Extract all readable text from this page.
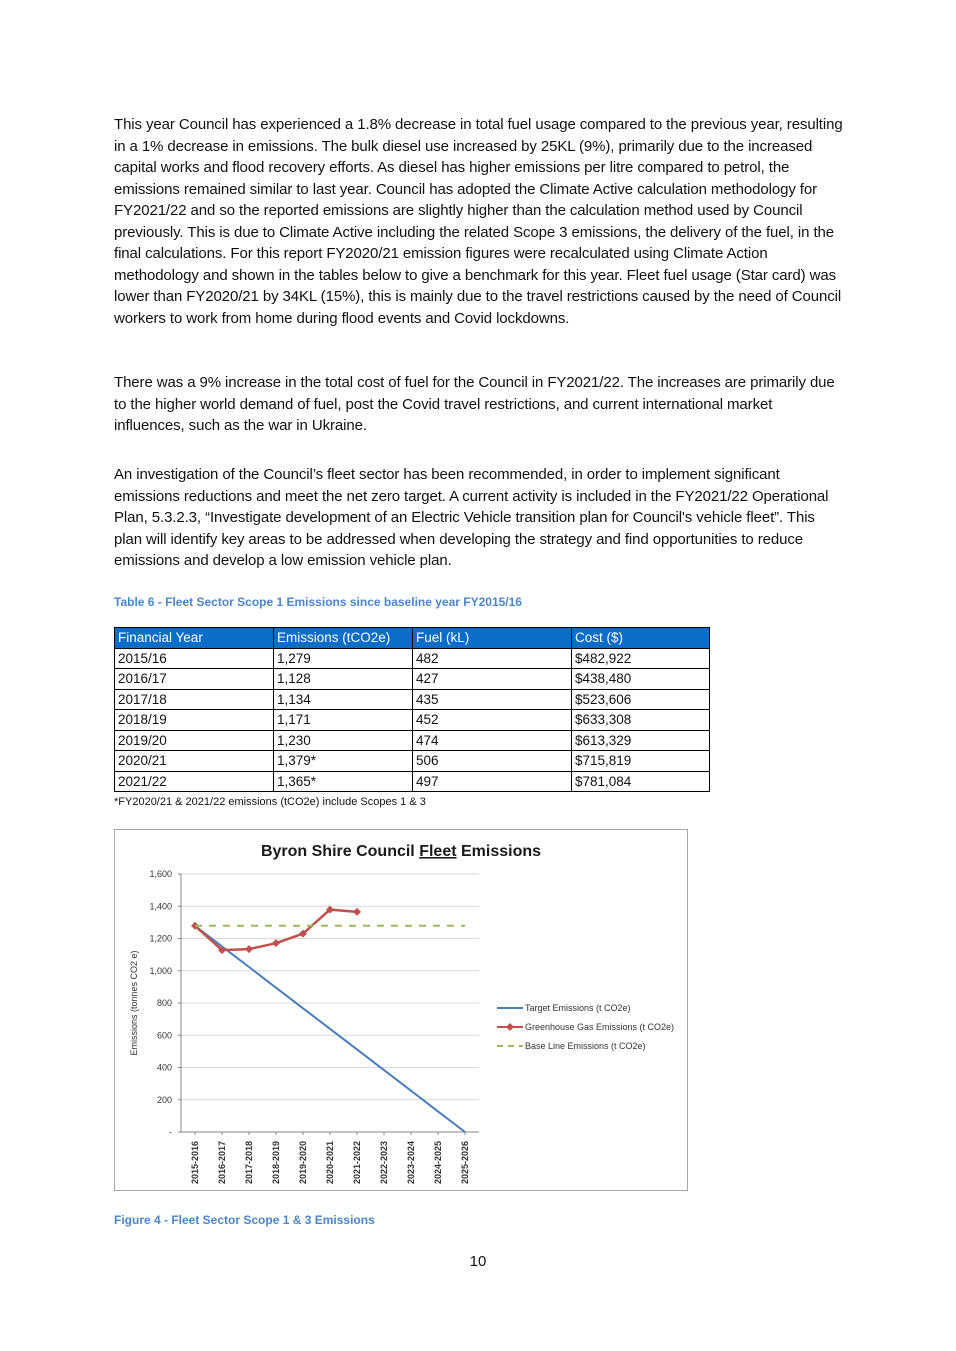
This year Council has experienced a 1.8% decrease in total fuel usage compared to the previous year, resulting in a 1% decrease in emissions. The bulk diesel use increased by 25KL (9%), primarily due to the increased capital works and flood recovery efforts. As diesel has higher emissions per litre compared to petrol, the emissions remained similar to last year. Council has adopted the Climate Active calculation methodology for FY2021/22 and so the reported emissions are slightly higher than the calculation method used by Council previously. This is due to Climate Active including the related Scope 3 emissions, the delivery of the fuel, in the final calculations. For this report FY2020/21 emission figures were recalculated using Climate Action methodology and shown in the tables below to give a benchmark for this year. Fleet fuel usage (Star card) was lower than FY2020/21 by 34KL (15%), this is mainly due to the travel restrictions caused by the need of Council workers to work from home during flood events and Covid lockdowns.

There was a 9% increase in the total cost of fuel for the Council in FY2021/22. The increases are primarily due to the higher world demand of fuel, post the Covid travel restrictions, and current international market influences, such as the war in Ukraine.

An investigation of the Council’s fleet sector has been recommended, in order to implement significant emissions reductions and meet the net zero target. A current activity is included in the FY2021/22 Operational Plan, 5.3.2.3, “Investigate development of an Electric Vehicle transition plan for Council's vehicle fleet”. This plan will identify key areas to be addressed when developing the strategy and find opportunities to reduce emissions and develop a low emission vehicle plan.

Table 6 - Fleet Sector Scope 1 Emissions since baseline year FY2015/16

Financial Year	Emissions (tCO2e)	Fuel (kL)	Cost ($)
2015/16	1,279	482	$482,922
2016/17	1,128	427	$438,480
2017/18	1,134	435	$523,606
2018/19	1,171	452	$633,308
2019/20	1,230	474	$613,329
2020/21	1,379*	506	$715,819
2021/22	1,365*	497	$781,084

*FY2020/21 & 2021/22 emissions (tCO2e) include Scopes 1 & 3

Byron Shire Council Fleet Emissions
-
200
400
600
800
1,000
1,200
1,400
1,600
2015-2016 2016-2017 2017-2018 2018-2019 2019-2020 2020-2021 2021-2022 2022-2023 2023-2024 2024-2025 2025-2026
Emissions (tonnes CO2 e)	Target Emissions (t CO2e)
Greenhouse Gas Emissions (t CO2e)
Base Line Emissions (t CO2e)

Figure 4 - Fleet Sector Scope 1 & 3 Emissions

10
